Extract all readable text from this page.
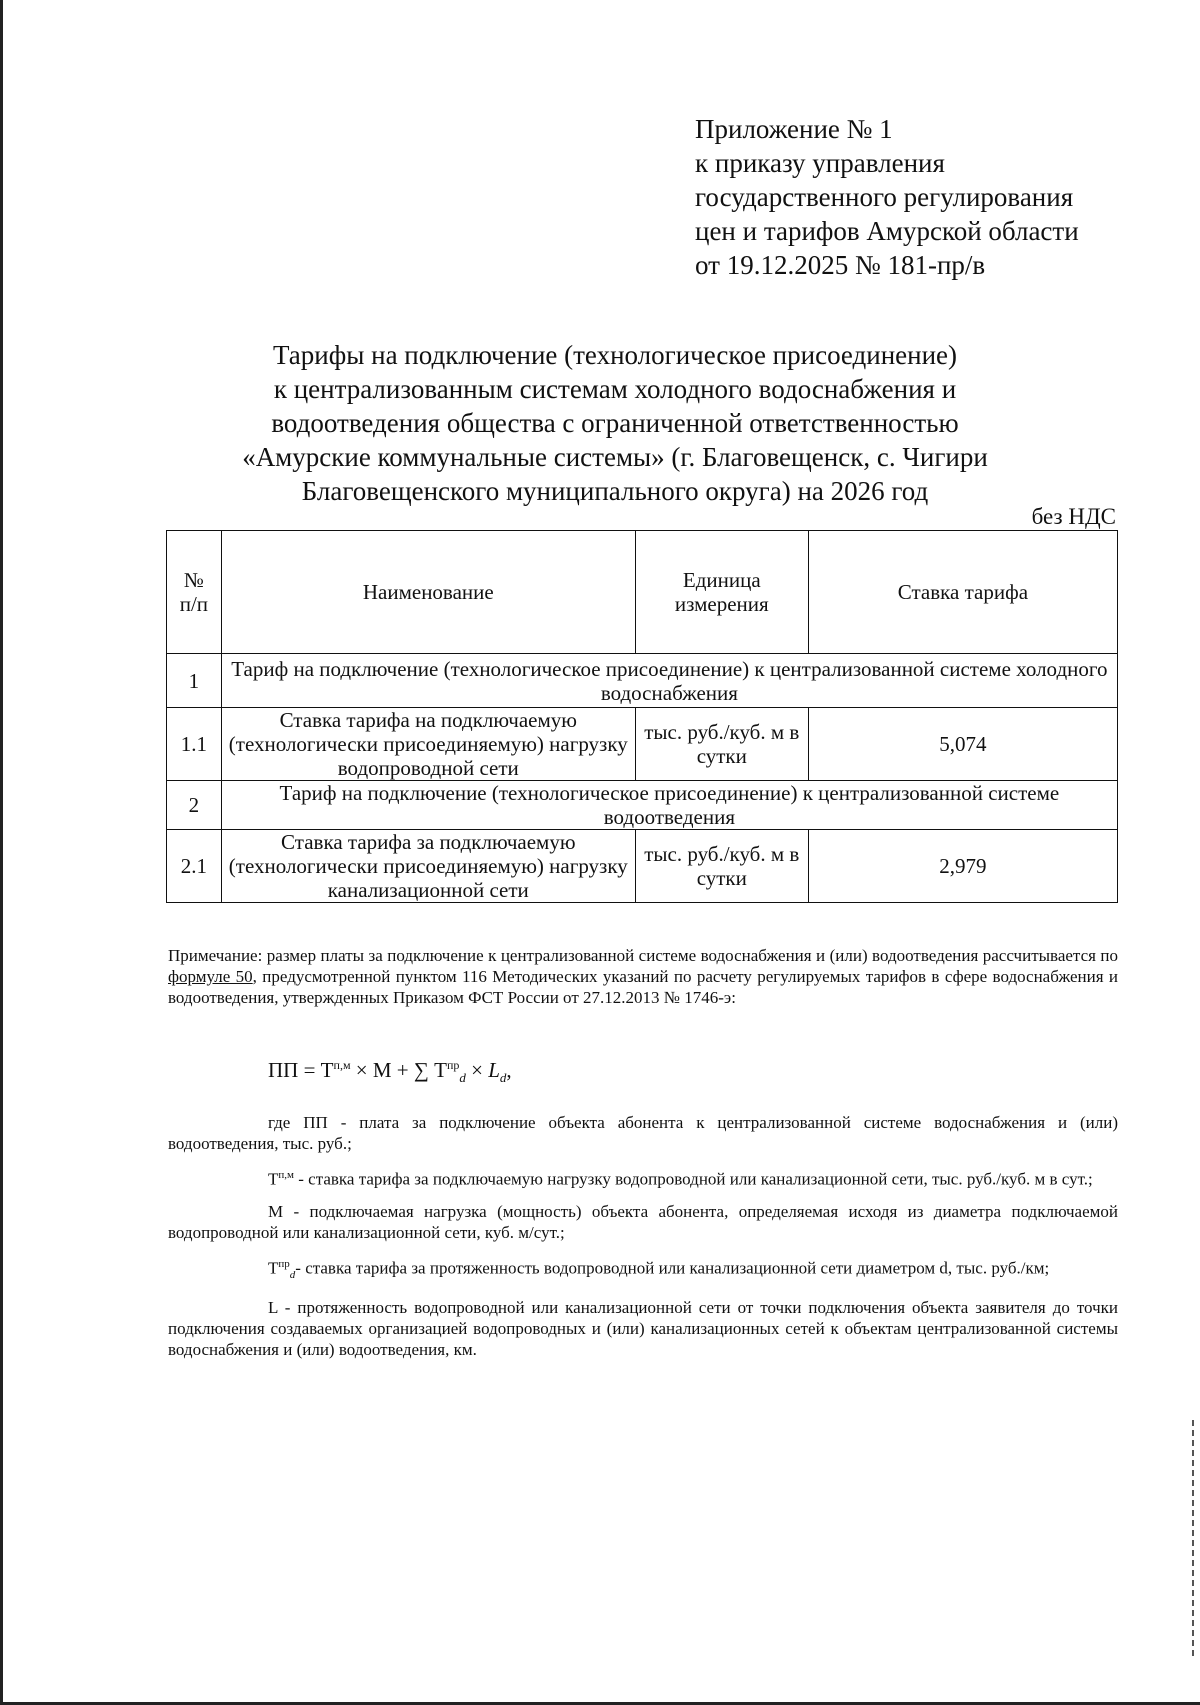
Приложение № 1
к приказу управления
государственного регулирования
цен и тарифов Амурской области
от 19.12.2025 № 181-пр/в
Тарифы на подключение (технологическое присоединение)
к централизованным системам холодного водоснабжения и
водоотведения общества с ограниченной ответственностью
«Амурские коммунальные системы» (г. Благовещенск, с. Чигири
Благовещенского муниципального округа) на 2026 год
без НДС
№ п/п	Наименование	Единица измерения	Ставка тарифа
1	Тариф на подключение (технологическое присоединение) к централизованной системе холодного водоснабжения		
1.1	Ставка тарифа на подключаемую (технологически присоединяемую) нагрузку водопроводной сети	тыс. руб./куб. м в сутки	5,074
2	Тариф на подключение (технологическое присоединение) к централизованной системе водоотведения		
2.1	Ставка тарифа за подключаемую (технологически присоединяемую) нагрузку канализационной сети	тыс. руб./куб. м в сутки	2,979
Примечание: размер платы за подключение к централизованной системе водоснабжения и (или) водоотведения рассчитывается по формуле 50, предусмотренной пунктом 116 Методических указаний по расчету регулируемых тарифов в сфере водоснабжения и водоотведения, утвержденных Приказом ФСТ России от 27.12.2013 № 1746-э:
ПП = $Т^{п,м} \times М$ + ∑ $Т^{пр}_d \times L_d$,

где ПП - плата за подключение объекта абонента к централизованной системе водоснабжения и (или) водоотведения, тыс. руб.;

$Т^{п,м}$ - ставка тарифа за подключаемую нагрузку водопроводной или канализационной сети, тыс. руб./куб. м в сут.;

М - подключаемая нагрузка (мощность) объекта абонента, определяемая исходя из диаметра подключаемой водопроводной или канализационной сети, куб. м/сут.;

$Т^{пр}_d-$ ставка тарифа за протяженность водопроводной или канализационной сети диаметром d, тыс. руб./км;

L - протяженность водопроводной или канализационной сети от точки подключения объекта заявителя до точки подключения создаваемых организацией водопроводных и (или) канализационных сетей к объектам централизованной системы водоснабжения и (или) водоотведения, км.
